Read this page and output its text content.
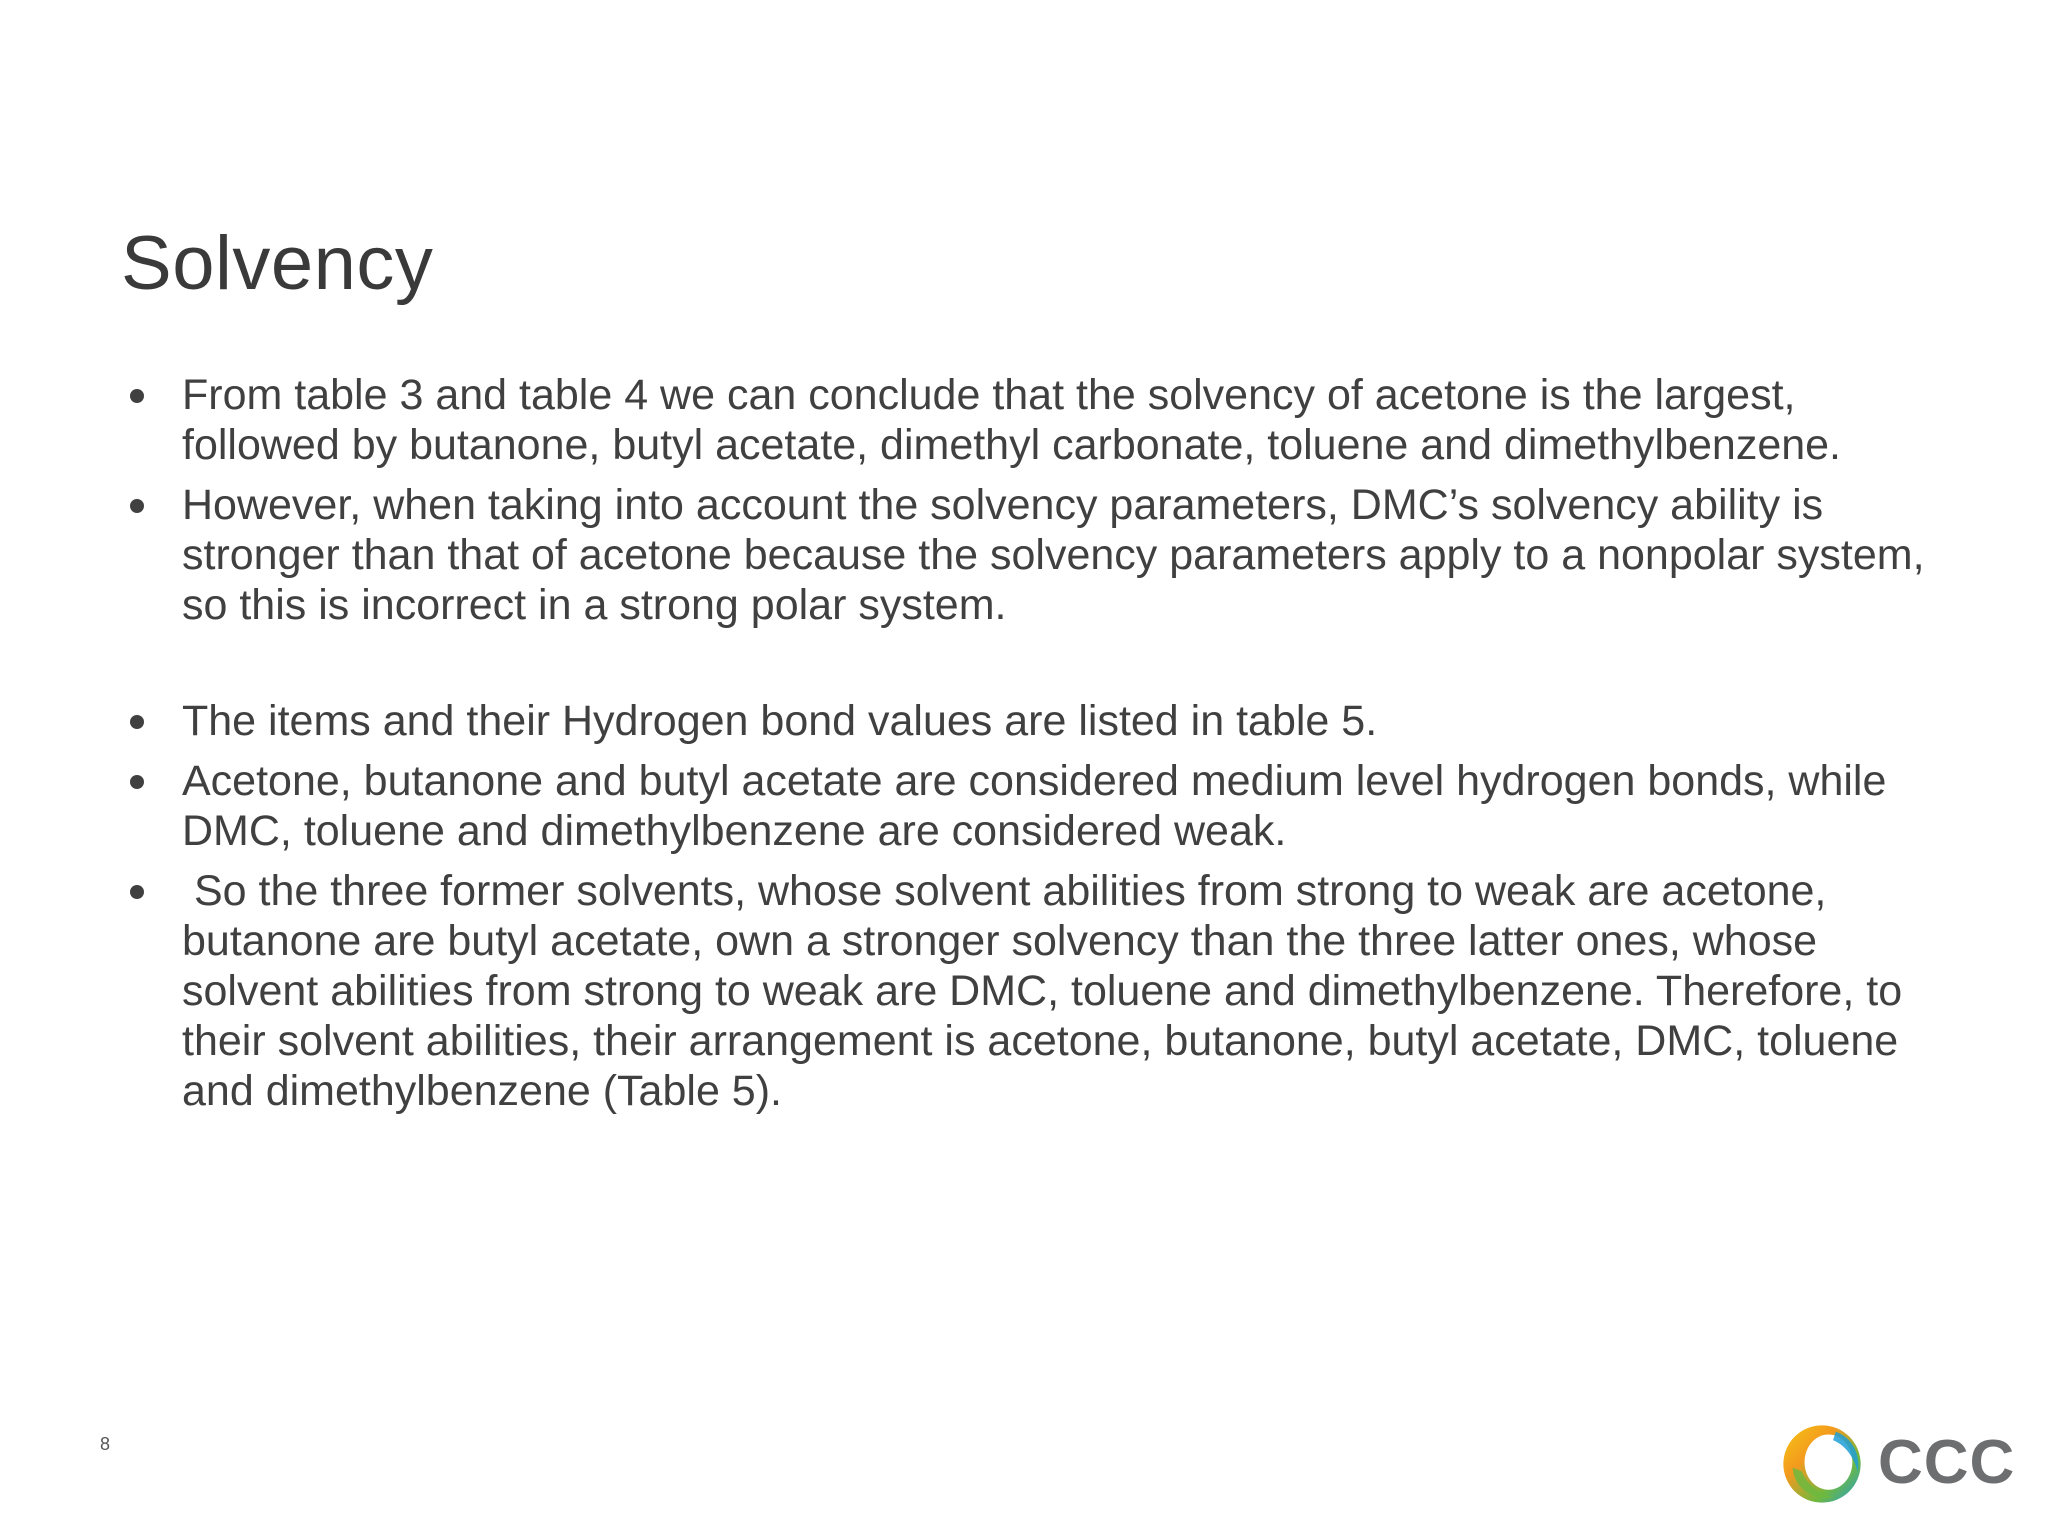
Solvency
From table 3 and table 4 we can conclude that the solvency of acetone is the largest, followed by butanone, butyl acetate, dimethyl carbonate, toluene and dimethylbenzene.
However, when taking into account the solvency parameters, DMC’s solvency ability is stronger than that of acetone because the solvency parameters apply to a nonpolar system, so this is incorrect in a strong polar system.
The items and their Hydrogen bond values are listed in table 5.
Acetone, butanone and butyl acetate are considered medium level hydrogen bonds, while DMC, toluene and dimethylbenzene are considered weak.
So the three former solvents, whose solvent abilities from strong to weak are acetone, butanone are butyl acetate, own a stronger solvency than the three latter ones, whose solvent abilities from strong to weak are DMC, toluene and dimethylbenzene. Therefore, to their solvent abilities, their arrangement is acetone, butanone, butyl acetate, DMC, toluene and dimethylbenzene (Table 5).
8	CCC
